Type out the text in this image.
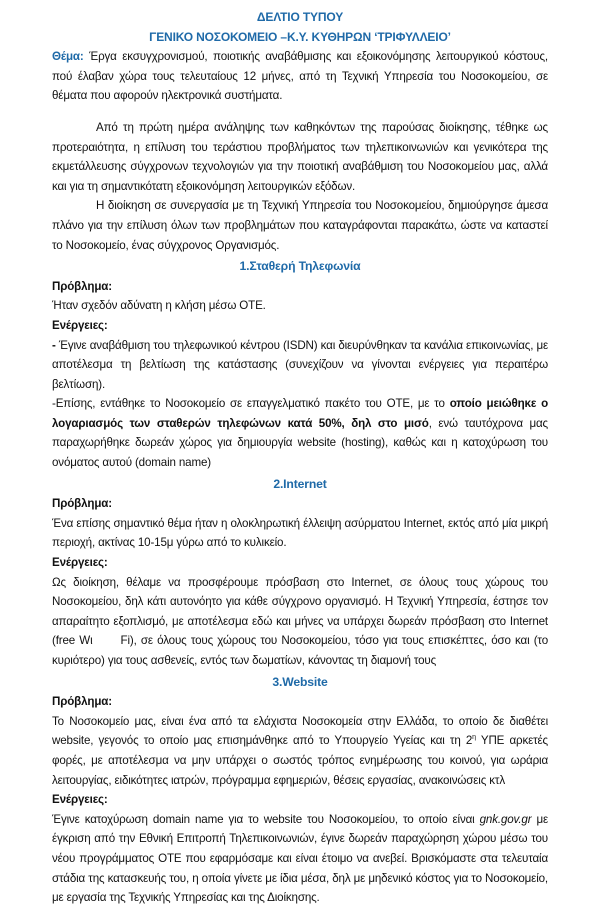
ΔΕΛΤΙΟ ΤΥΠΟΥ
ΓΕΝΙΚΟ ΝΟΣΟΚΟΜΕΙΟ –Κ.Υ. ΚΥΘΗΡΩΝ ‘ΤΡΙΦΥΛΛΕΙΟ’

Θέμα: Έργα εκσυγχρονισμού, ποιοτικής αναβάθμισης και εξοικονόμησης λειτουργικού κόστους, πού έλαβαν χώρα τους τελευταίους 12 μήνες, από τη Τεχνική Υπηρεσία του Νοσοκομείου, σε θέματα που αφορούν ηλεκτρονικά συστήματα.

Από τη πρώτη ημέρα ανάληψης των καθηκόντων της παρούσας διοίκησης, τέθηκε ως προτεραιότητα, η επίλυση του τεράστιου προβλήματος των τηλεπικοινωνιών και γενικότερα της εκμετάλλευσης σύγχρονων τεχνολογιών για την ποιοτική αναβάθμιση του Νοσοκομείου μας, αλλά και για τη σημαντικότατη εξοικονόμηση λειτουργικών εξόδων.

Η διοίκηση σε συνεργασία με τη Τεχνική Υπηρεσία του Νοσοκομείου, δημιούργησε άμεσα πλάνο για την επίλυση όλων των προβλημάτων που καταγράφονται παρακάτω, ώστε να καταστεί το Νοσοκομείο, ένας σύγχρονος Οργανισμός.

1.Σταθερή Τηλεφωνία
Πρόβλημα:

Ήταν σχεδόν αδύνατη η κλήση μέσω ΟΤΕ.

Ενέργειες:

- Έγινε αναβάθμιση του τηλεφωνικού κέντρου (ISDN) και διευρύνθηκαν τα κανάλια επικοινωνίας, με αποτέλεσμα τη βελτίωση της κατάστασης (συνεχίζουν να γίνονται ενέργειες για περαιτέρω βελτίωση).

-Επίσης, εντάθηκε το Νοσοκομείο σε επαγγελματικό πακέτο του ΟΤΕ, με το οποίο μειώθηκε ο λογαριασμός των σταθερών τηλεφώνων κατά 50%, δηλ στο μισό, ενώ ταυτόχρονα μας παραχωρήθηκε δωρεάν χώρος για δημιουργία website (hosting), καθώς και η κατοχύρωση του ονόματος αυτού (domain name)

2.Internet
Πρόβλημα:

Ένα επίσης σημαντικό θέμα ήταν η ολοκληρωτική έλλειψη ασύρματου Internet, εκτός από μία μικρή περιοχή, ακτίνας 10-15μ γύρω από το κυλικείο.

Ενέργειες:

Ως διοίκηση, θέλαμε να προσφέρουμε πρόσβαση στο Internet, σε όλους τους χώρους του Νοσοκομείου, δηλ κάτι αυτονόητο για κάθε σύγχρονο οργανισμό. Η Τεχνική Υπηρεσία, έστησε τον απαραίτητο εξοπλισμό, με αποτέλεσμα εδώ και μήνες να υπάρχει δωρεάν πρόσβαση στο Internet (free Wι Fi), σε όλους τους χώρους του Νοσοκομείου, τόσο για τους επισκέπτες, όσο και (το κυριότερο) για τους ασθενείς, εντός των δωματίων, κάνοντας τη διαμονή τους

3.Website
Πρόβλημα:

Το Νοσοκομείο μας, είναι ένα από τα ελάχιστα Νοσοκομεία στην Ελλάδα, το οποίο δε διαθέτει website, γεγονός το οποίο μας επισημάνθηκε από το Υπουργείο Υγείας και τη $2^\eta$ ΥΠΕ αρκετές φορές, με αποτέλεσμα να μην υπάρχει ο σωστός τρόπος ενημέρωσης του κοινού, για ωράρια λειτουργίας, ειδικότητες ιατρών, πρόγραμμα εφημεριών, θέσεις εργασίας, ανακοινώσεις κτλ

Ενέργειες:

Έγινε κατοχύρωση domain name για το website του Νοσοκομείου, το οποίο είναι gnk.gov.gr με έγκριση από την Εθνική Επιτροπή Τηλεπικοινωνιών, έγινε δωρεάν παραχώρηση χώρου μέσω του νέου προγράμματος ΟΤΕ που εφαρμόσαμε και είναι έτοιμο να ανεβεί. Βρισκόμαστε στα τελευταία στάδια της κατασκευής του, η οποία γίνετε με ίδια μέσα, δηλ με μηδενικό κόστος για το Νοσοκομείο, με εργασία της Τεχνικής Υπηρεσίας και της Διοίκησης.
